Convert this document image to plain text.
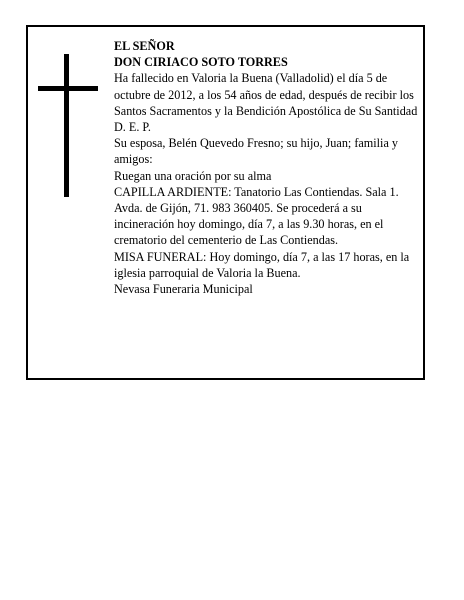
EL SEÑOR

DON CIRIACO SOTO TORRES

Ha fallecido en Valoria la Buena (Valladolid) el día 5 de octubre de 2012, a los 54 años de edad, después de recibir los Santos Sacramentos y la Bendición Apostólica de Su Santidad

D. E. P.

Su esposa, Belén Quevedo Fresno; su hijo, Juan; familia y amigos:

Ruegan una oración por su alma

CAPILLA ARDIENTE: Tanatorio Las Contiendas. Sala 1. Avda. de Gijón, 71. 983 360405. Se procederá a su incineración hoy domingo, día 7, a las 9.30 horas, en el crematorio del cementerio de Las Contiendas.

MISA FUNERAL: Hoy domingo, día 7, a las 17 horas, en la iglesia parroquial de Valoria la Buena.

Nevasa Funeraria Municipal
